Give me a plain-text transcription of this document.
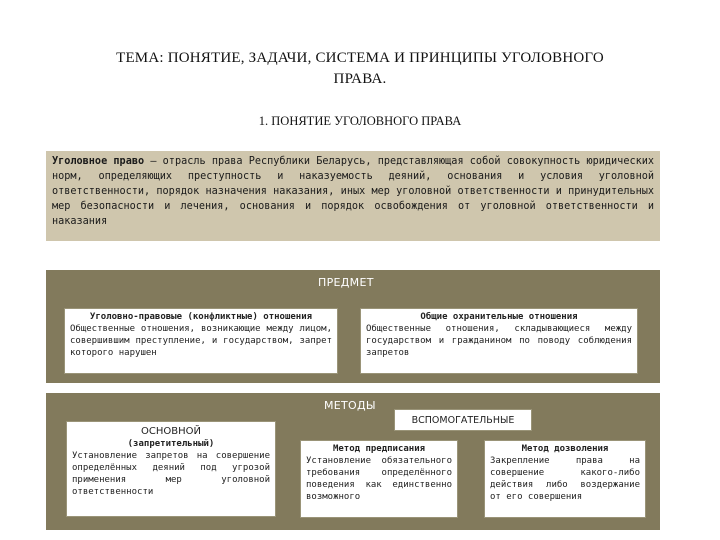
ТЕМА: ПОНЯТИЕ, ЗАДАЧИ, СИСТЕМА И ПРИНЦИПЫ УГОЛОВНОГО
ПРАВА.
1. ПОНЯТИЕ УГОЛОВНОГО ПРАВА
Уголовное право – отрасль права Республики Беларусь, представляющая собой совокупность юридических норм, определяющих преступность и наказуемость деяний, основания и условия уголовной ответственности, порядок назначения наказания, иных мер уголовной ответственности и принудительных мер безопасности и лечения, основания и порядок освобождения от уголовной ответственности и наказания
ПРЕДМЕТ
Уголовно-правовые (конфликтные) отношения
Общественные отношения, возникающие между лицом, совершившим преступление, и государством, запрет которого нарушен
Общие охранительные отношения
Общественные отношения, складывающиеся между государством и гражданином по поводу соблюдения запретов
МЕТОДЫ
ВСПОМОГАТЕЛЬНЫЕ
ОСНОВНОЙ
(запретительный)
Установление запретов на совершение определённых деяний под угрозой применения мер уголовной ответственности
Метод предписания
Установление обязательного требования определённого поведения как единственно возможного
Метод дозволения
Закрепление права на совершение какого-либо действия либо воздержание от его совершения
